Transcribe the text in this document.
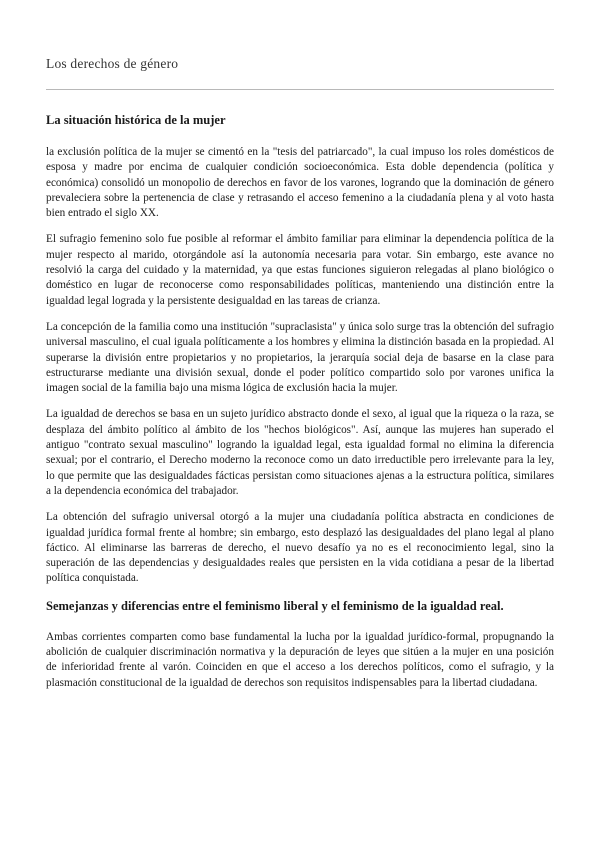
Los derechos de género
La situación histórica de la mujer

la exclusión política de la mujer se cimentó en la "tesis del patriarcado", la cual impuso los roles domésticos de esposa y madre por encima de cualquier condición socioeconómica. Esta doble dependencia (política y económica) consolidó un monopolio de derechos en favor de los varones, logrando que la dominación de género prevaleciera sobre la pertenencia de clase y retrasando el acceso femenino a la ciudadanía plena y al voto hasta bien entrado el siglo XX.

El sufragio femenino solo fue posible al reformar el ámbito familiar para eliminar la dependencia política de la mujer respecto al marido, otorgándole así la autonomía necesaria para votar. Sin embargo, este avance no resolvió la carga del cuidado y la maternidad, ya que estas funciones siguieron relegadas al plano biológico o doméstico en lugar de reconocerse como responsabilidades políticas, manteniendo una distinción entre la igualdad legal lograda y la persistente desigualdad en las tareas de crianza.

La concepción de la familia como una institución "supraclasista" y única solo surge tras la obtención del sufragio universal masculino, el cual iguala políticamente a los hombres y elimina la distinción basada en la propiedad. Al superarse la división entre propietarios y no propietarios, la jerarquía social deja de basarse en la clase para estructurarse mediante una división sexual, donde el poder político compartido solo por varones unifica la imagen social de la familia bajo una misma lógica de exclusión hacia la mujer.

La igualdad de derechos se basa en un sujeto jurídico abstracto donde el sexo, al igual que la riqueza o la raza, se desplaza del ámbito político al ámbito de los "hechos biológicos". Así, aunque las mujeres han superado el antiguo "contrato sexual masculino" logrando la igualdad legal, esta igualdad formal no elimina la diferencia sexual; por el contrario, el Derecho moderno la reconoce como un dato irreductible pero irrelevante para la ley, lo que permite que las desigualdades fácticas persistan como situaciones ajenas a la estructura política, similares a la dependencia económica del trabajador.

La obtención del sufragio universal otorgó a la mujer una ciudadanía política abstracta en condiciones de igualdad jurídica formal frente al hombre; sin embargo, esto desplazó las desigualdades del plano legal al plano fáctico. Al eliminarse las barreras de derecho, el nuevo desafío ya no es el reconocimiento legal, sino la superación de las dependencias y desigualdades reales que persisten en la vida cotidiana a pesar de la libertad política conquistada.

Semejanzas y diferencias entre el feminismo liberal y el feminismo de la igualdad real.

Ambas corrientes comparten como base fundamental la lucha por la igualdad jurídico-formal, propugnando la abolición de cualquier discriminación normativa y la depuración de leyes que sitúen a la mujer en una posición de inferioridad frente al varón. Coinciden en que el acceso a los derechos políticos, como el sufragio, y la plasmación constitucional de la igualdad de derechos son requisitos indispensables para la libertad ciudadana.
